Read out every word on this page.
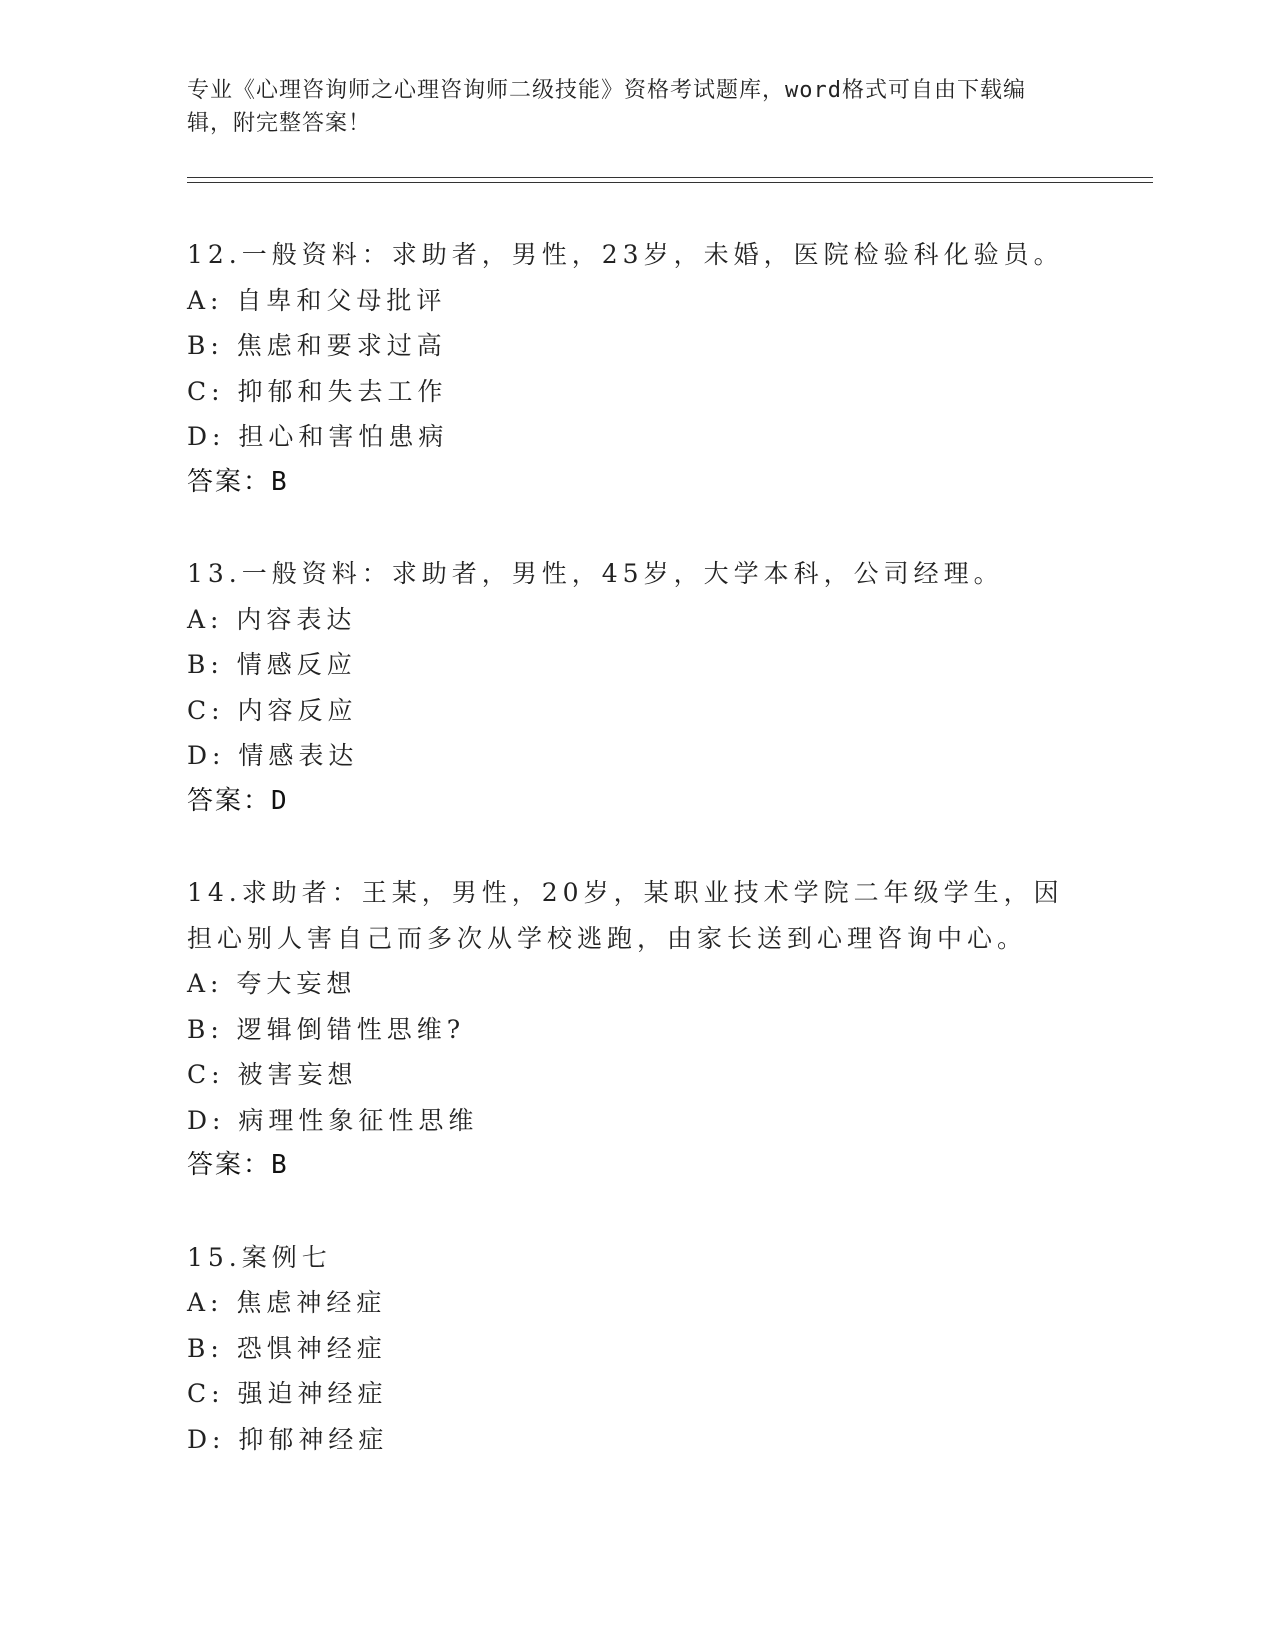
专业《心理咨询师之心理咨询师二级技能》资格考试题库，word格式可自由下载编辑，附完整答案！
12.一般资料：求助者，男性，23岁，未婚，医院检验科化验员。
A: 自卑和父母批评
B: 焦虑和要求过高
C: 抑郁和失去工作
D: 担心和害怕患病
答案：B
13.一般资料：求助者，男性，45岁，大学本科，公司经理。
A: 内容表达
B: 情感反应
C: 内容反应
D: 情感表达
答案：D
14.求助者：王某，男性，20岁，某职业技术学院二年级学生，因担心别人害自己而多次从学校逃跑，由家长送到心理咨询中心。
A: 夸大妄想
B: 逻辑倒错性思维?
C: 被害妄想
D: 病理性象征性思维
答案：B
15.案例七
A: 焦虑神经症
B: 恐惧神经症
C: 强迫神经症
D: 抑郁神经症
